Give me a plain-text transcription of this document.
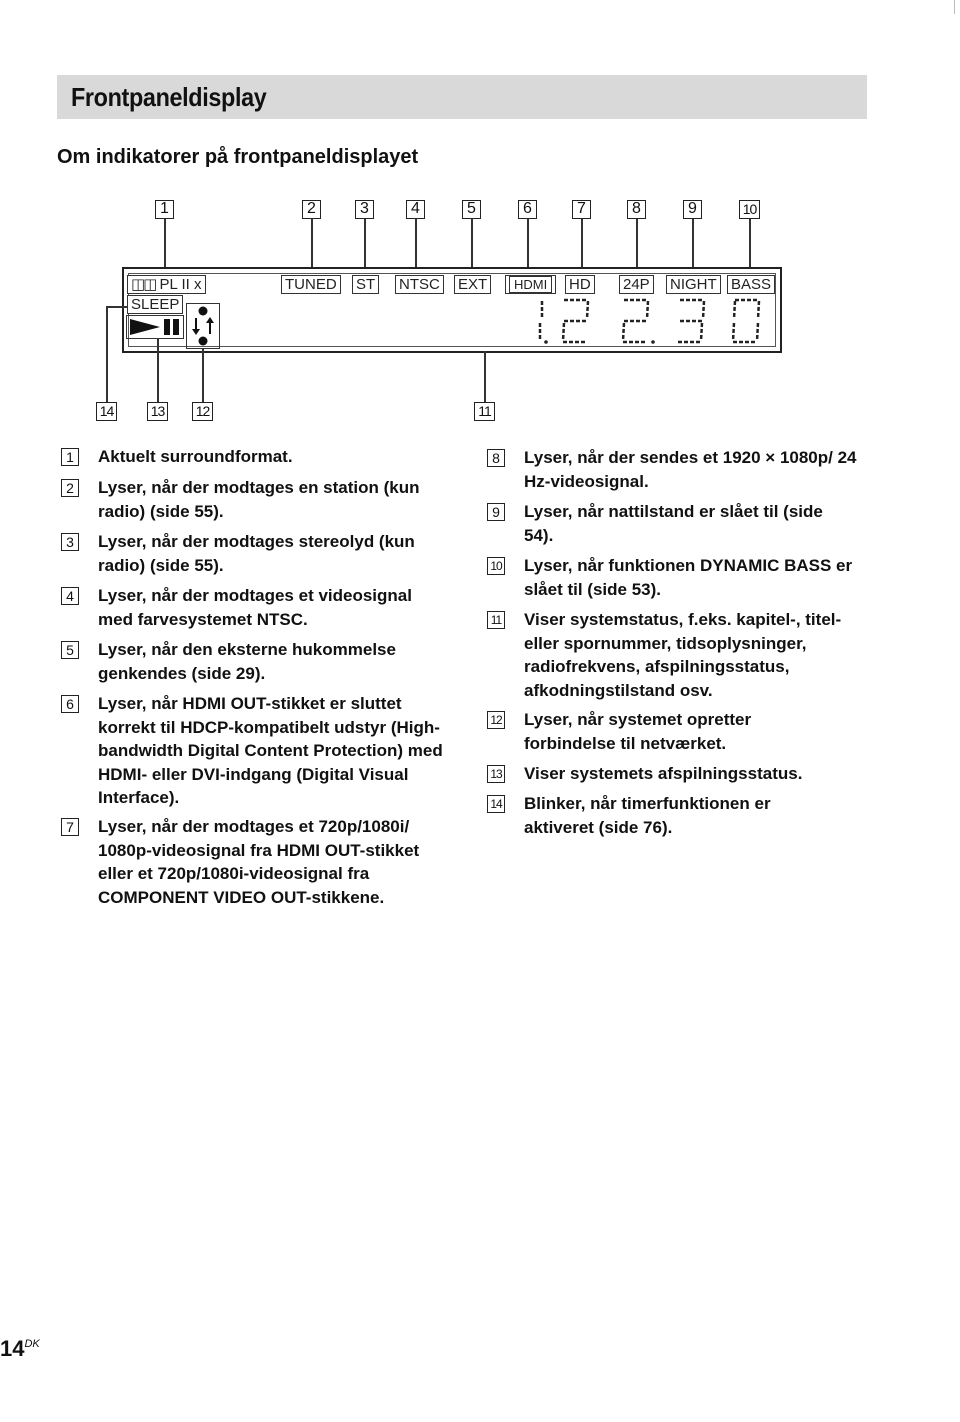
Frontpaneldisplay
Om indikatorer på frontpaneldisplayet
1	2	3	4	5	6	7	8	9	10
◫◫ PL II x
SLEEP
TUNED ST NTSC EXT	HDMI	HD 24P NIGHT BASS
14	13 12	11
1	Aktuelt surroundformat.
2	Lyser, når der modtages en station (kun radio) (side 55).
3	Lyser, når der modtages stereolyd (kun radio) (side 55).
4	Lyser, når der modtages et videosignal med farvesystemet NTSC.
5	Lyser, når den eksterne hukommelse genkendes (side 29).
6	Lyser, når HDMI OUT-stikket er sluttet korrekt til HDCP-kompatibelt udstyr (High-bandwidth Digital Content Protection) med HDMI- eller DVI-indgang (Digital Visual Interface).
7	Lyser, når der modtages et 720p/1080i/ 1080p-videosignal fra HDMI OUT-stikket eller et 720p/1080i-videosignal fra COMPONENT VIDEO OUT-stikkene.
8	Lyser, når der sendes et 1920 × 1080p/ 24 Hz-videosignal.
9	Lyser, når nattilstand er slået til (side 54).
10 Lyser, når funktionen DYNAMIC BASS er slået til (side 53).
11 Viser systemstatus, f.eks. kapitel-, titel- eller spornummer, tidsoplysninger, radiofrekvens, afspilningsstatus, afkodningstilstand osv.
12 Lyser, når systemet opretter forbindelse til netværket.
13 Viser systemets afspilningsstatus.
14 Blinker, når timerfunktionen er aktiveret (side 76).
$14^{DK}$
